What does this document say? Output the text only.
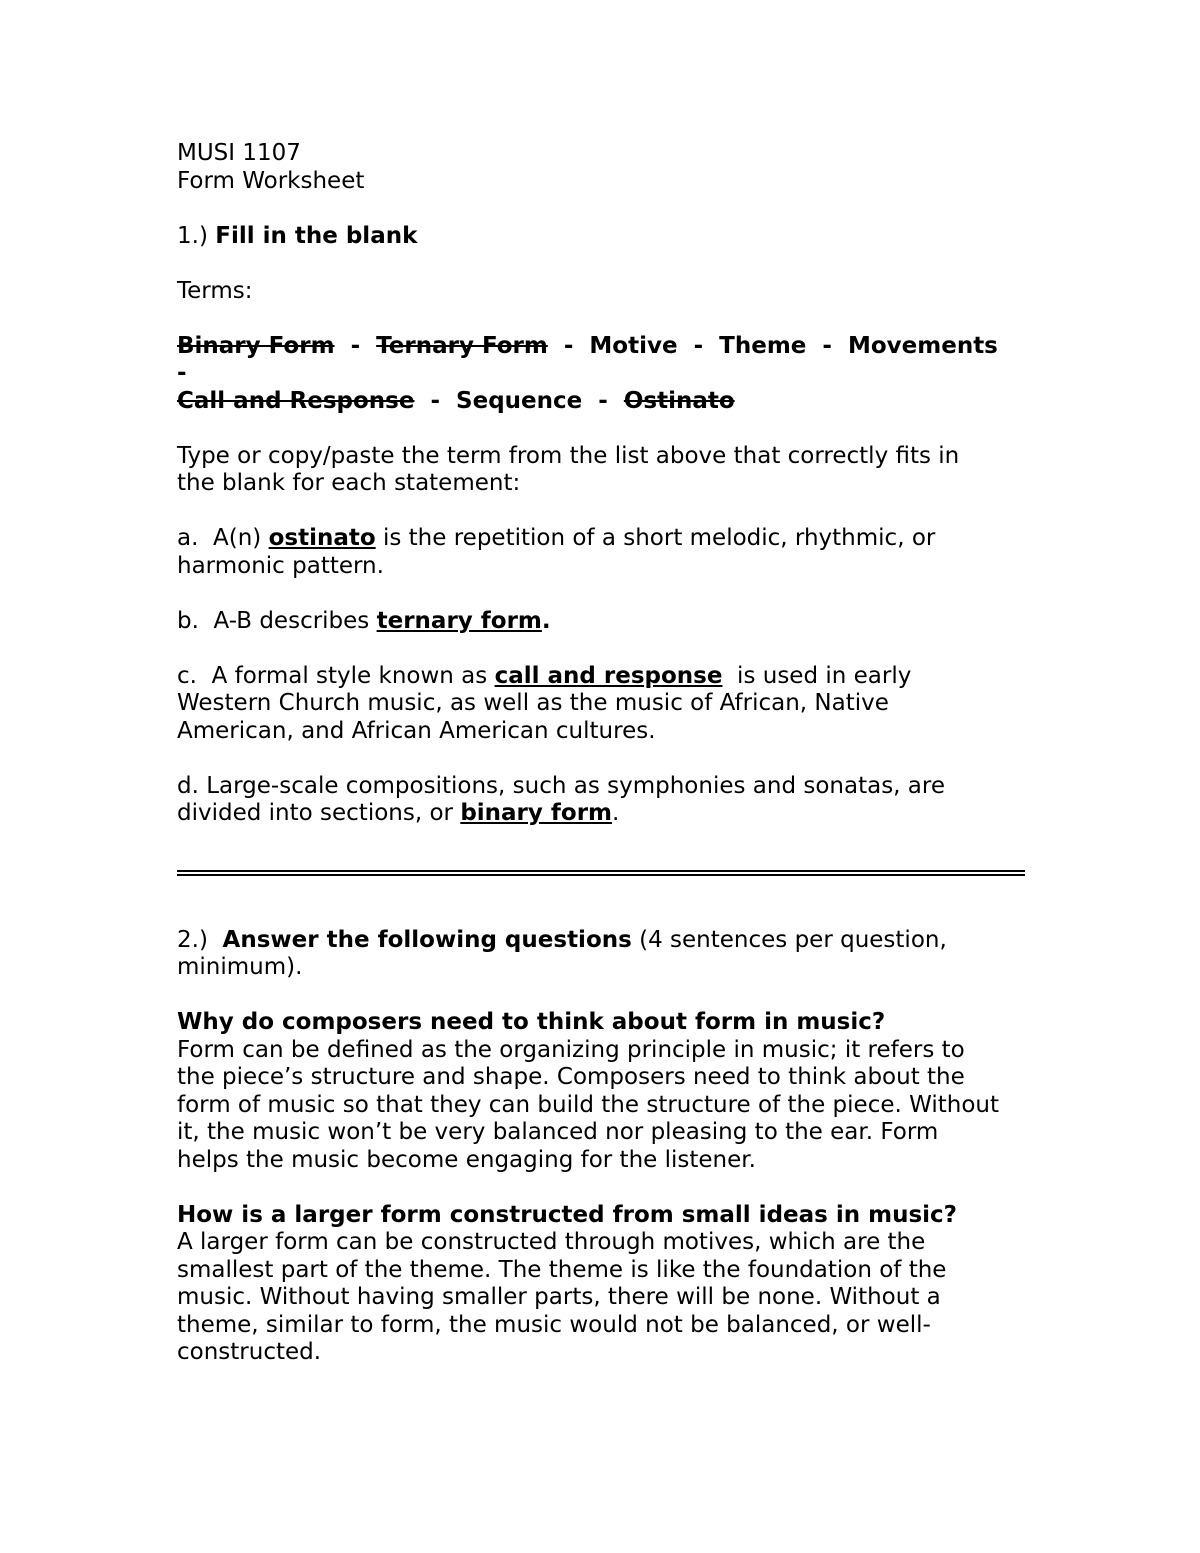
MUSI 1107
Form Worksheet
1.) Fill in the blank
Terms:
Binary Form - Ternary Form - Motive - Theme - Movements
-
Call and Response - Sequence - Ostinato
Type or copy/paste the term from the list above that correctly fits in
the blank for each statement:
a.  A(n) ostinato is the repetition of a short melodic, rhythmic, or
harmonic pattern.
b.  A-B describes ternary form.
c.  A formal style known as call and response  is used in early
Western Church music, as well as the music of African, Native
American, and African American cultures.
d. Large-scale compositions, such as symphonies and sonatas, are
divided into sections, or binary form.
2.)  Answer the following questions (4 sentences per question,
minimum).
Why do composers need to think about form in music?
Form can be defined as the organizing principle in music; it refers to
the piece’s structure and shape. Composers need to think about the
form of music so that they can build the structure of the piece. Without
it, the music won’t be very balanced nor pleasing to the ear. Form
helps the music become engaging for the listener.
How is a larger form constructed from small ideas in music?
A larger form can be constructed through motives, which are the
smallest part of the theme. The theme is like the foundation of the
music. Without having smaller parts, there will be none. Without a
theme, similar to form, the music would not be balanced, or well-
constructed.
